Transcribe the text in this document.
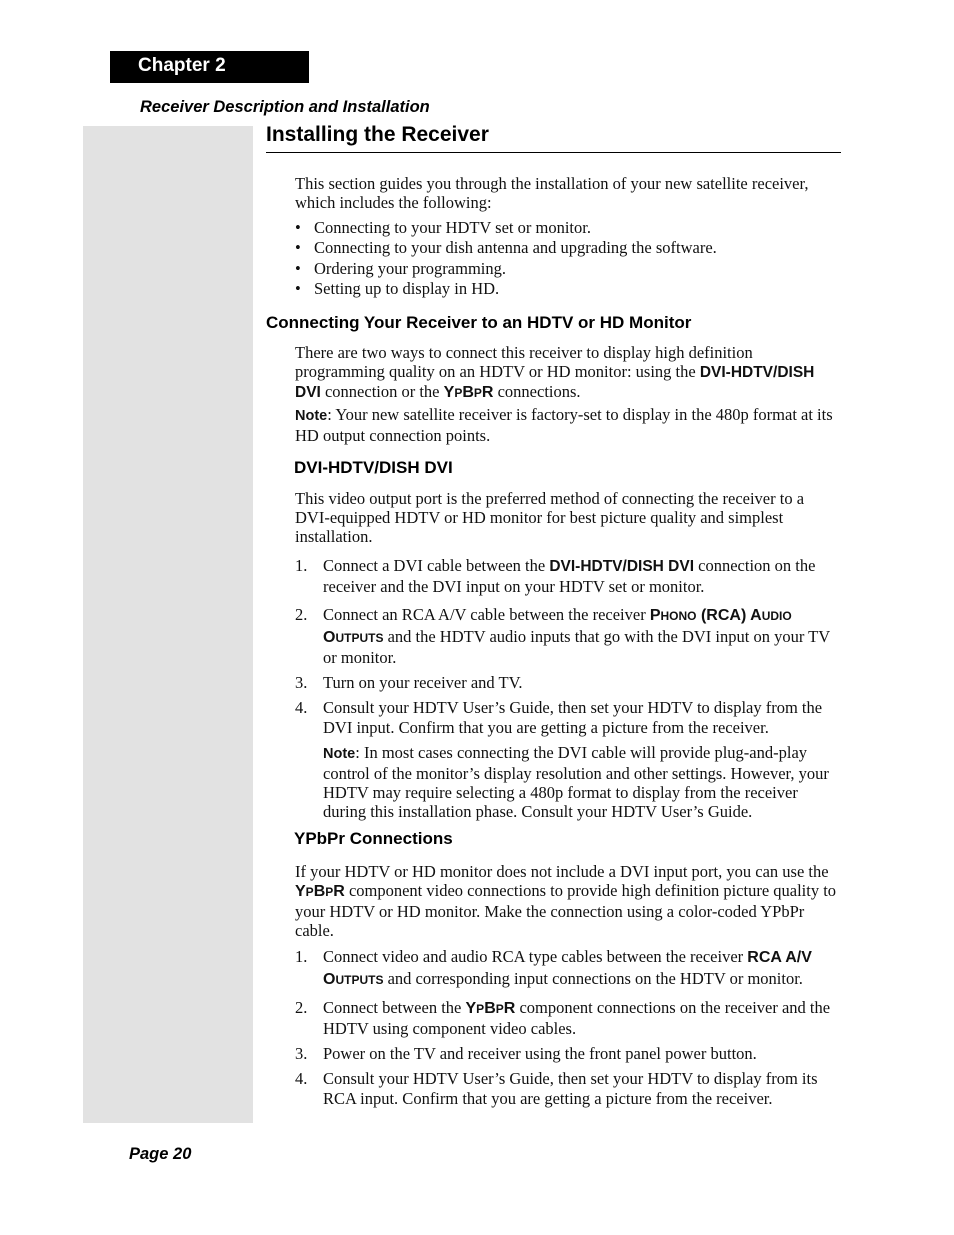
Chapter 2
Receiver Description and Installation
Installing the Receiver

This section guides you through the installation of your new satellite receiver, which includes the following:

• Connecting to your HDTV set or monitor.
• Connecting to your dish antenna and upgrading the software.
• Ordering your programming.
• Setting up to display in HD.
Connecting Your Receiver to an HDTV or HD Monitor

There are two ways to connect this receiver to display high definition programming quality on an HDTV or HD monitor: using the DVI-HDTV/DISH DVI connection or the YPBPR connections.

Note: Your new satellite receiver is factory-set to display in the 480p format at its HD output connection points.

DVI-HDTV/DISH DVI

This video output port is the preferred method of connecting the receiver to a DVI-equipped HDTV or HD monitor for best picture quality and simplest installation.

1. Connect a DVI cable between the DVI-HDTV/DISH DVI connection on the receiver and the DVI input on your HDTV set or monitor.
2. Connect an RCA A/V cable between the receiver PHONO (RCA) AUDIO OUTPUTS and the HDTV audio inputs that go with the DVI input on your TV or monitor.
3. Turn on your receiver and TV.
4. Consult your HDTV User’s Guide, then set your HDTV to display from the DVI input. Confirm that you are getting a picture from the receiver.
Note: In most cases connecting the DVI cable will provide plug-and-play control of the monitor’s display resolution and other settings. However, your HDTV may require selecting a 480p format to display from the receiver during this installation phase. Consult your HDTV User’s Guide.
YPbPr Connections

If your HDTV or HD monitor does not include a DVI input port, you can use the YPBPR component video connections to provide high definition picture quality to your HDTV or HD monitor. Make the connection using a color-coded YPbPr cable.

1. Connect video and audio RCA type cables between the receiver RCA A/V OUTPUTS and corresponding input connections on the HDTV or monitor.
2. Connect between the YPBPR component connections on the receiver and the HDTV using component video cables.
3. Power on the TV and receiver using the front panel power button.
4. Consult your HDTV User’s Guide, then set your HDTV to display from its RCA input. Confirm that you are getting a picture from the receiver.
Page 20
